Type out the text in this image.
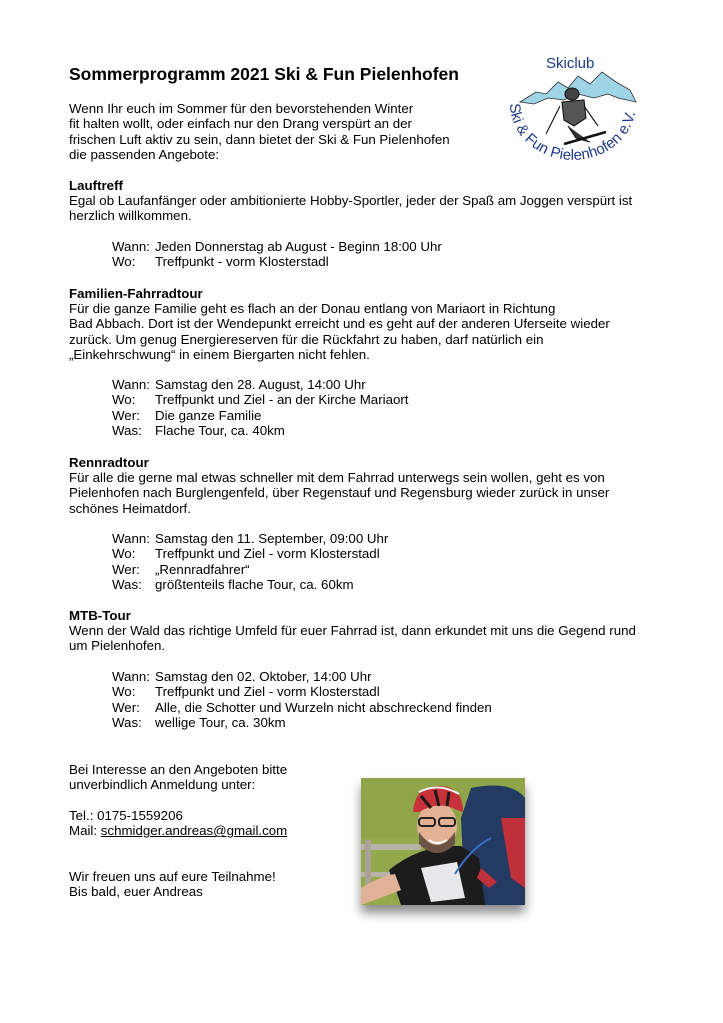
Sommerprogramm 2021 Ski & Fun Pielenhofen
Skiclub
Ski & Fun Pielenhofen e.V.
Wenn Ihr euch im Sommer für den bevorstehenden Winter
fit halten wollt, oder einfach nur den Drang verspürt an der
frischen Luft aktiv zu sein, dann bietet der Ski & Fun Pielenhofen
die passenden Angebote:
Lauftreff
Egal ob Laufanfänger oder ambitionierte Hobby-Sportler, jeder der Spaß am Joggen verspürt ist
herzlich willkommen.
Wann: Jeden Donnerstag ab August - Beginn 18:00 Uhr
Wo:	Treffpunkt - vorm Klosterstadl
Familien-Fahrradtour
Für die ganze Familie geht es flach an der Donau entlang von Mariaort in Richtung
Bad Abbach. Dort ist der Wendepunkt erreicht und es geht auf der anderen Uferseite wieder
zurück. Um genug Energiereserven für die Rückfahrt zu haben, darf natürlich ein
„Einkehrschwung“ in einem Biergarten nicht fehlen.
Wann: Samstag den 28. August, 14:00 Uhr
Wo:	Treffpunkt und Ziel - an der Kirche Mariaort
Wer:	Die ganze Familie
Was: Flache Tour, ca. 40km
Rennradtour
Für alle die gerne mal etwas schneller mit dem Fahrrad unterwegs sein wollen, geht es von
Pielenhofen nach Burglengenfeld, über Regenstauf und Regensburg wieder zurück in unser
schönes Heimatdorf.
Wann: Samstag den 11. September, 09:00 Uhr
Wo:	Treffpunkt und Ziel - vorm Klosterstadl
Wer:	„Rennradfahrer“
Was: größtenteils flache Tour, ca. 60km
MTB-Tour
Wenn der Wald das richtige Umfeld für euer Fahrrad ist, dann erkundet mit uns die Gegend rund
um Pielenhofen.
Wann: Samstag den 02. Oktober, 14:00 Uhr
Wo:	Treffpunkt und Ziel - vorm Klosterstadl
Wer:	Alle, die Schotter und Wurzeln nicht abschreckend finden
Was: wellige Tour, ca. 30km
Bei Interesse an den Angeboten bitte
unverbindlich Anmeldung unter:
Tel.: 0175-1559206
Mail: schmidger.andreas@gmail.com
Wir freuen uns auf eure Teilnahme!
Bis bald, euer Andreas
